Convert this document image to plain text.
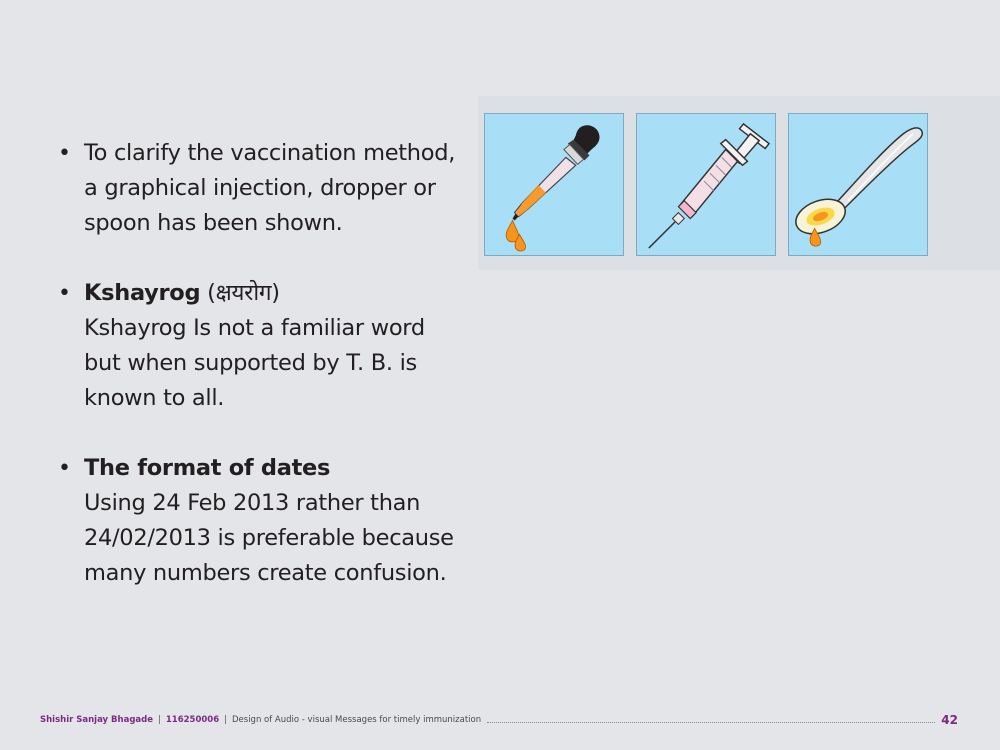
• To clarify the vaccination method,
a graphical injection, dropper or
spoon has been shown.
• Kshayrog (क्षयरोग)
Kshayrog Is not a familiar word
but when supported by T. B. is
known to all.
• The format of dates
Using 24 Feb 2013 rather than
24/02/2013 is preferable because
many numbers create confusion.
Shishir Sanjay Bhagade | 116250006 | Design of Audio - visual Messages for timely immunization	42
